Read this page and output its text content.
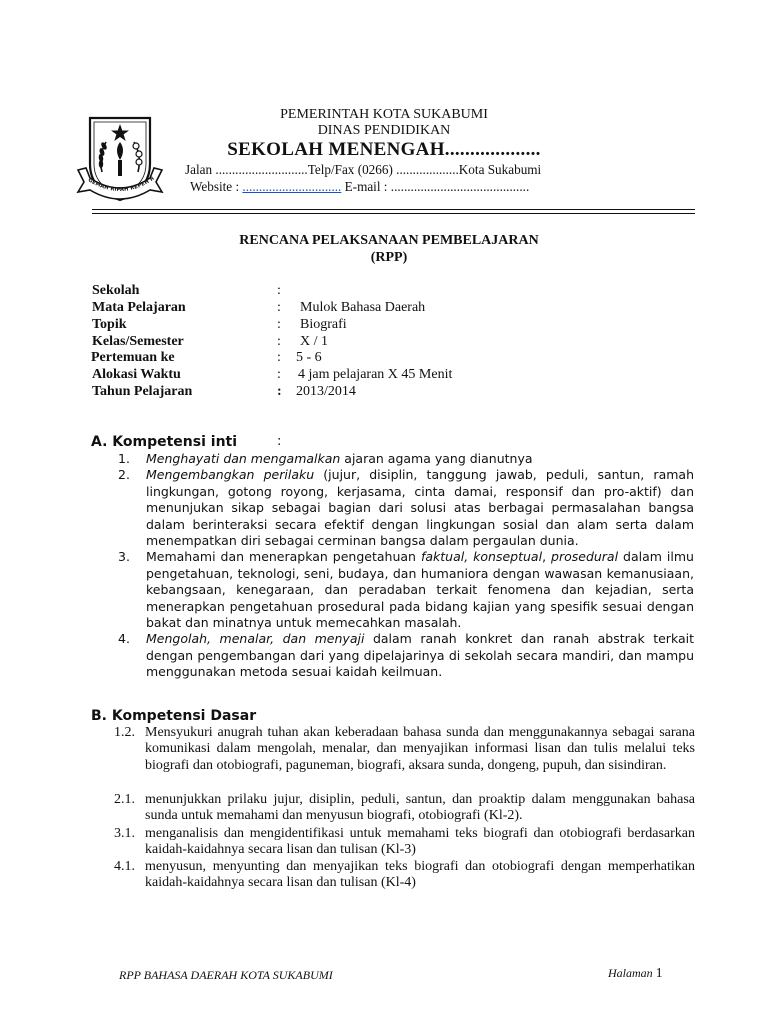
GEMAH RIPAH REPEH R
PEMERINTAH KOTA SUKABUMI
DINAS PENDIDIKAN
SEKOLAH MENENGAH...................
Jalan ............................Telp/Fax (0266) ...................Kota Sukabumi
Website : .............................. E-mail : ..........................................
RENCANA PELAKSANAAN PEMBELAJARAN
(RPP)
Sekolah	:
Mata Pelajaran	: Mulok Bahasa Daerah
Topik	: Biografi
Kelas/Semester	: X / 1
Pertemuan ke	: 5 - 6
Alokasi Waktu	: 4 jam pelajaran X 45 Menit
Tahun Pelajaran	: 2013/2014
A. Kompetensi inti	:
1. Menghayati dan mengamalkan ajaran agama yang dianutnya
2. Mengembangkan perilaku (jujur, disiplin, tanggung jawab, peduli, santun, ramah lingkungan, gotong royong, kerjasama, cinta damai, responsif dan pro-aktif) dan menunjukan sikap sebagai bagian dari solusi atas berbagai permasalahan bangsa dalam berinteraksi secara efektif dengan lingkungan sosial dan alam serta dalam menempatkan diri sebagai cerminan bangsa dalam pergaulan dunia.
3. Memahami dan menerapkan pengetahuan faktual, konseptual, prosedural dalam ilmu pengetahuan, teknologi, seni, budaya, dan humaniora dengan wawasan kemanusiaan, kebangsaan, kenegaraan, dan peradaban terkait fenomena dan kejadian, serta menerapkan pengetahuan prosedural pada bidang kajian yang spesifik sesuai dengan bakat dan minatnya untuk memecahkan masalah.
4. Mengolah, menalar, dan menyaji dalam ranah konkret dan ranah abstrak terkait dengan pengembangan dari yang dipelajarinya di sekolah secara mandiri, dan mampu menggunakan metoda sesuai kaidah keilmuan.
B. Kompetensi Dasar
1.2. Mensyukuri anugrah tuhan akan keberadaan bahasa sunda dan menggunakannya sebagai sarana komunikasi dalam mengolah, menalar, dan menyajikan informasi lisan dan tulis melalui teks biografi dan otobiografi, paguneman, biografi, aksara sunda, dongeng, pupuh, dan sisindiran.
2.1. menunjukkan prilaku jujur, disiplin, peduli, santun, dan proaktip dalam menggunakan bahasa sunda untuk memahami dan menyusun biografi, otobiografi (Kl-2).
3.1. menganalisis dan mengidentifikasi untuk memahami teks biografi dan otobiografi berdasarkan kaidah-kaidahnya secara lisan dan tulisan (Kl-3)
4.1. menyusun, menyunting dan menyajikan teks biografi dan otobiografi dengan memperhatikan kaidah-kaidahnya secara lisan dan tulisan (Kl-4)
RPP BAHASA DAERAH KOTA SUKABUMI	Halaman 1
